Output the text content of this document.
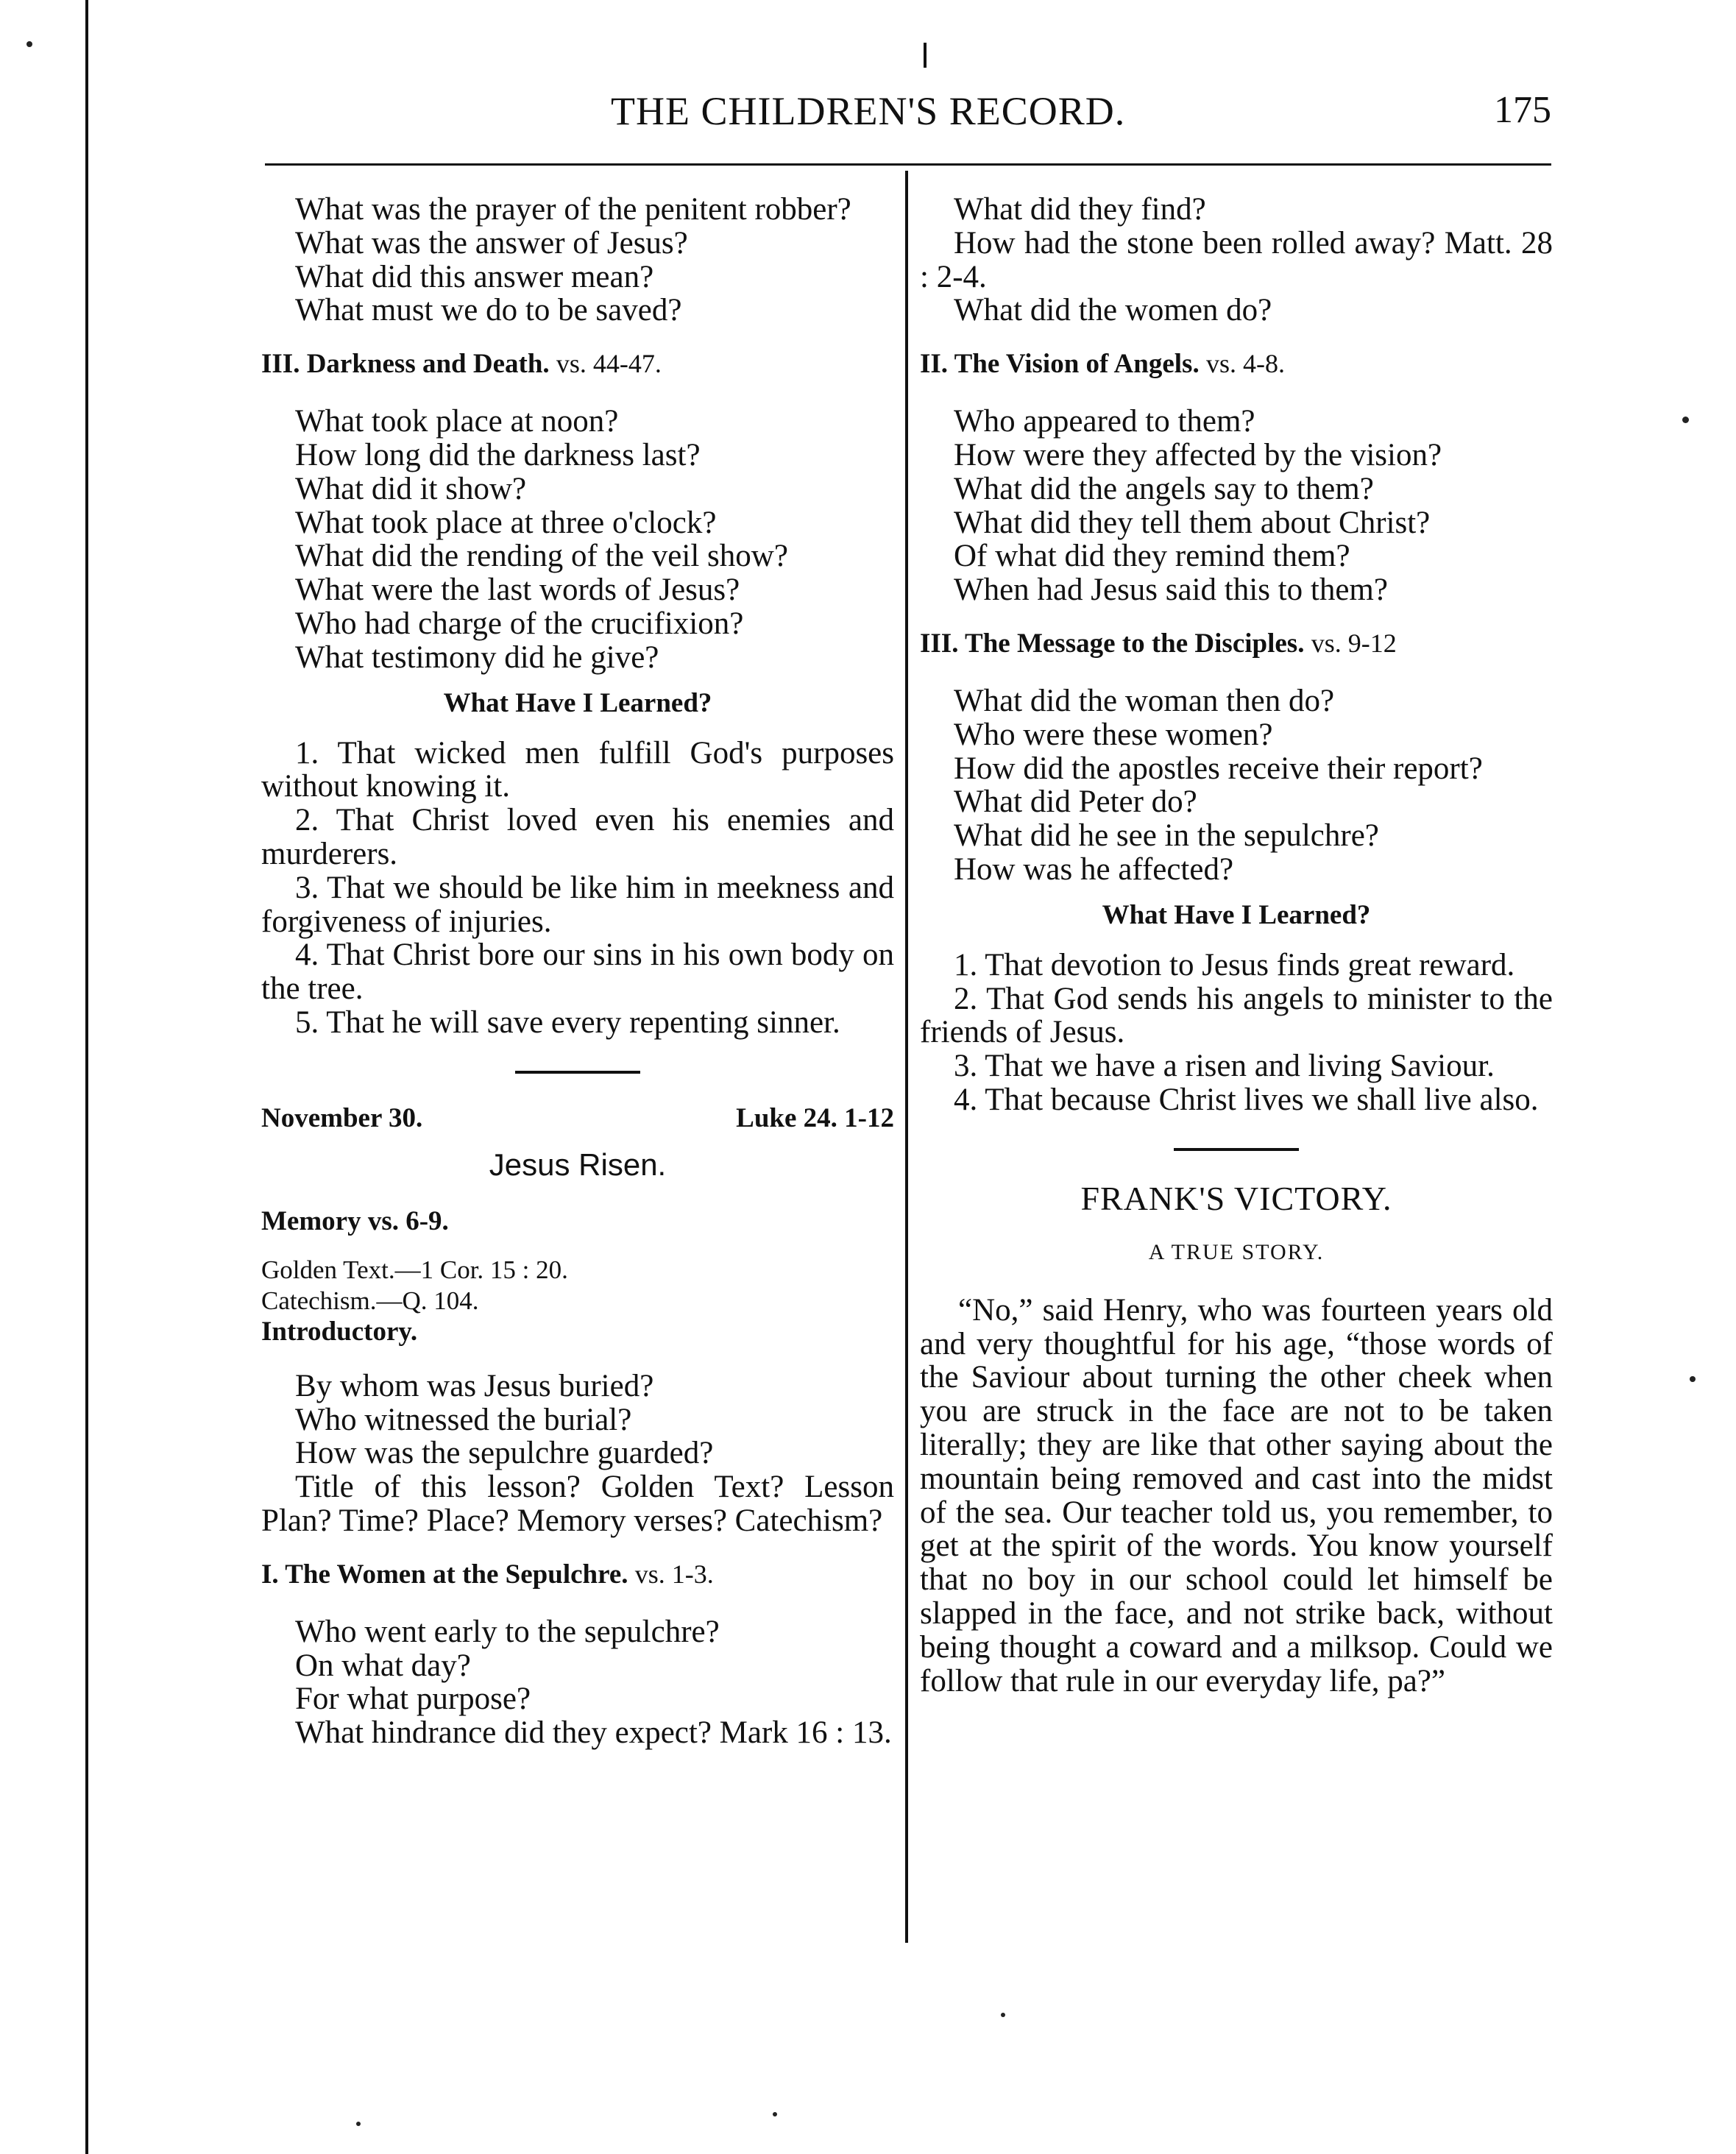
THE CHILDREN'S RECORD.	175

What was the prayer of the penitent robber?

What was the answer of Jesus?

What did this answer mean?

What must we do to be saved?

III. Darkness and Death. vs. 44-47.

What took place at noon?

How long did the darkness last?

What did it show?

What took place at three o'clock?

What did the rending of the veil show?

What were the last words of Jesus?

Who had charge of the crucifixion?

What testimony did he give?

What Have I Learned?

1. That wicked men fulfill God's purposes without knowing it.

2. That Christ loved even his enemies and murderers.

3. That we should be like him in meekness and forgiveness of injuries.

4. That Christ bore our sins in his own body on the tree.

5. That he will save every repenting sinner.

November 30.	Luke 24. 1-12
Jesus Risen.
Memory vs. 6-9.

Golden Text.—1 Cor. 15 : 20.

Catechism.—Q. 104.

Introductory.

By whom was Jesus buried?

Who witnessed the burial?

How was the sepulchre guarded?

Title of this lesson? Golden Text? Lesson Plan? Time? Place? Memory verses? Catechism?

I. The Women at the Sepulchre. vs. 1-3.

Who went early to the sepulchre?

On what day?

For what purpose?

What hindrance did they expect? Mark 16 : 13.

What did they find?

How had the stone been rolled away? Matt. 28 : 2-4.

What did the women do?

II. The Vision of Angels. vs. 4-8.

Who appeared to them?

How were they affected by the vision?

What did the angels say to them?

What did they tell them about Christ?

Of what did they remind them?

When had Jesus said this to them?

III. The Message to the Disciples. vs. 9-12

What did the woman then do?

Who were these women?

How did the apostles receive their report?

What did Peter do?

What did he see in the sepulchre?

How was he affected?

What Have I Learned?

1. That devotion to Jesus finds great reward.

2. That God sends his angels to minister to the friends of Jesus.

3. That we have a risen and living Saviour.

4. That because Christ lives we shall live also.

FRANK'S VICTORY.
A TRUE STORY.

“No,” said Henry, who was fourteen years old and very thoughtful for his age, “those words of the Saviour about turning the other cheek when you are struck in the face are not to be taken literally; they are like that other saying about the mountain being removed and cast into the midst of the sea. Our teacher told us, you remember, to get at the spirit of the words. You know yourself that no boy in our school could let himself be slapped in the face, and not strike back, without being thought a coward and a milksop. Could we follow that rule in our everyday life, pa?”
